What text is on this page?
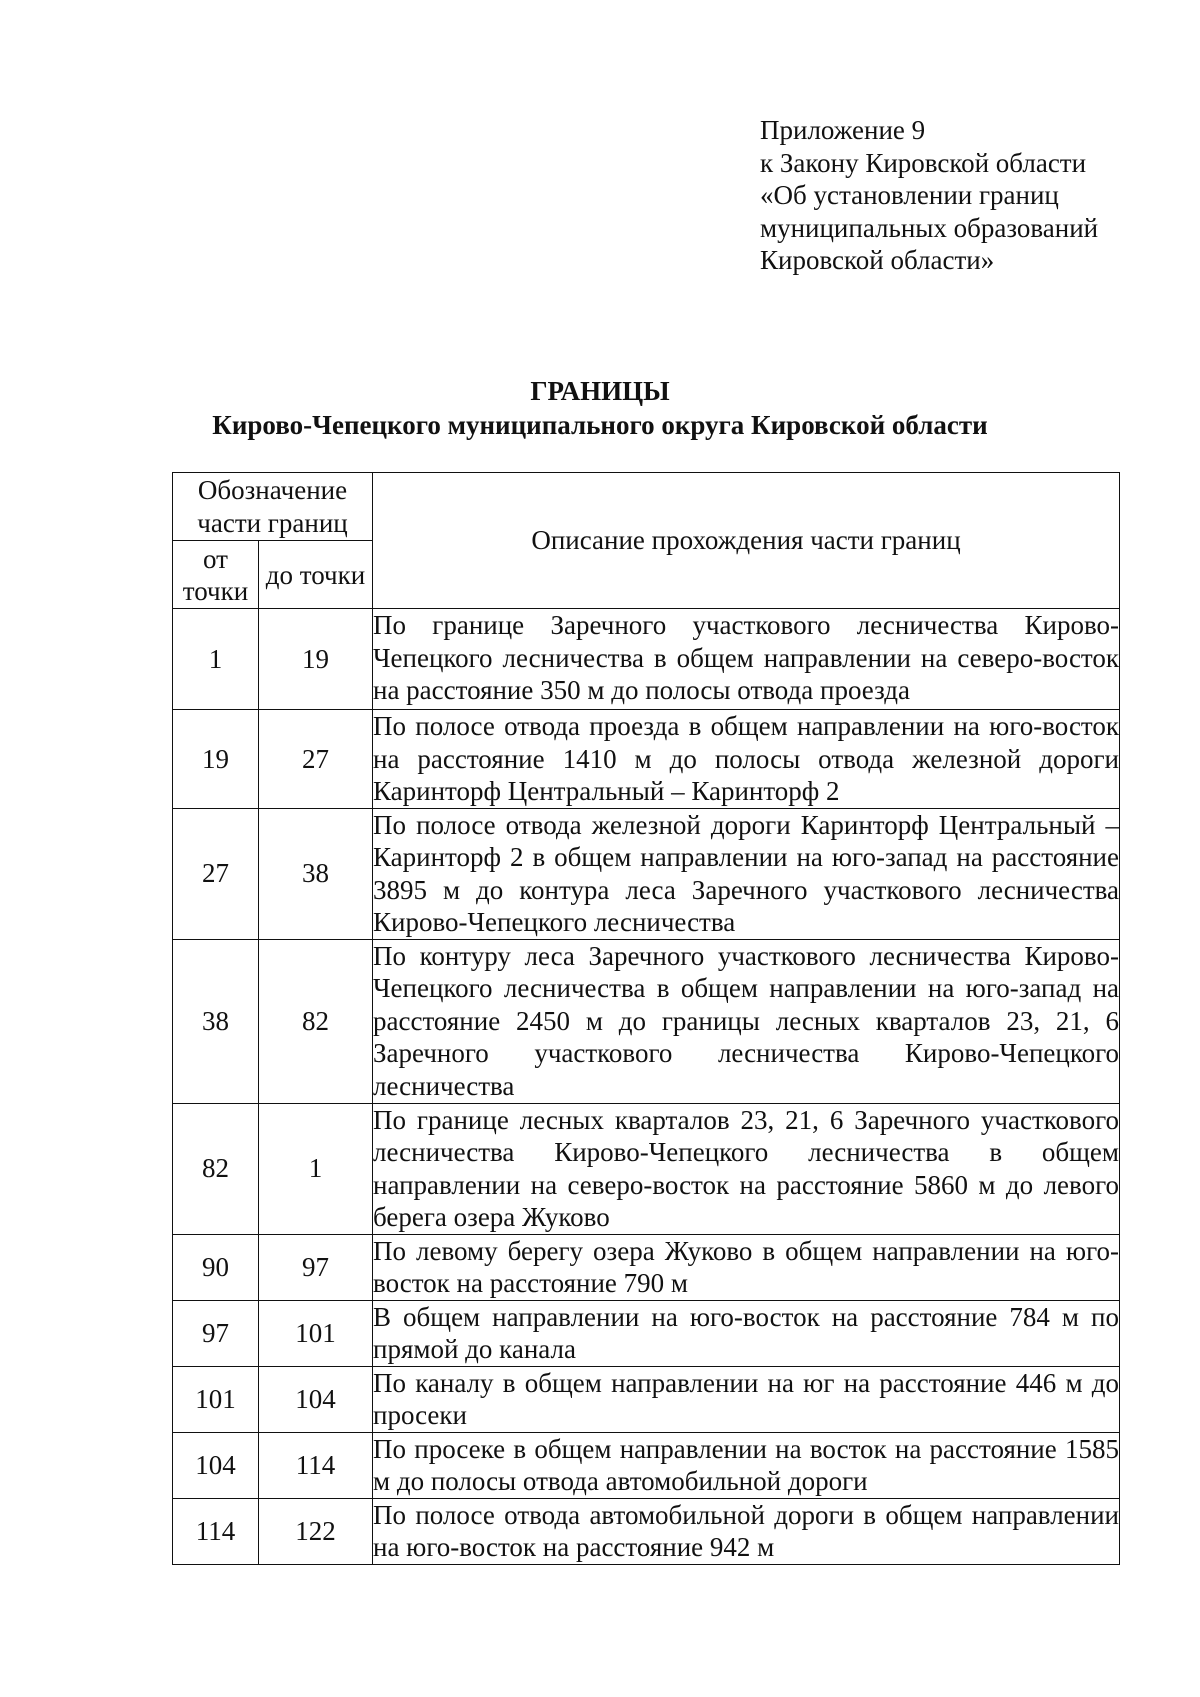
Приложение 9
к Закону Кировской области
«Об установлении границ
муниципальных образований
Кировской области»
ГРАНИЦЫ
Кирово-Чепецкого муниципального округа Кировской области
Обозначение части границ		Описание прохождения части границ
от точки	до точки	
1	19	По границе Заречного участкового лесничества Кирово-Чепецкого лесничества в общем направлении на северо-восток на расстояние 350 м до полосы отвода проезда
19	27	По полосе отвода проезда в общем направлении на юго-восток на расстояние 1410 м до полосы отвода железной дороги Каринторф Центральный – Каринторф 2
27	38	По полосе отвода железной дороги Каринторф Центральный – Каринторф 2 в общем направлении на юго-запад на расстояние 3895 м до контура леса Заречного участкового лесничества Кирово-Чепецкого лесничества
38	82	По контуру леса Заречного участкового лесничества Кирово-Чепецкого лесничества в общем направлении на юго-запад на расстояние 2450 м до границы лесных кварталов 23, 21, 6 Заречного участкового лесничества Кирово-Чепецкого лесничества
82	1	По границе лесных кварталов 23, 21, 6 Заречного участкового лесничества Кирово-Чепецкого лесничества в общем направлении на северо-восток на расстояние 5860 м до левого берега озера Жуково
90	97	По левому берегу озера Жуково в общем направлении на юго-восток на расстояние 790 м
97	101	В общем направлении на юго-восток на расстояние 784 м по прямой до канала
101	104	По каналу в общем направлении на юг на расстояние 446 м до просеки
104	114	По просеке в общем направлении на восток на расстояние 1585 м до полосы отвода автомобильной дороги
114	122	По полосе отвода автомобильной дороги в общем направлении на юго-восток на расстояние 942 м
